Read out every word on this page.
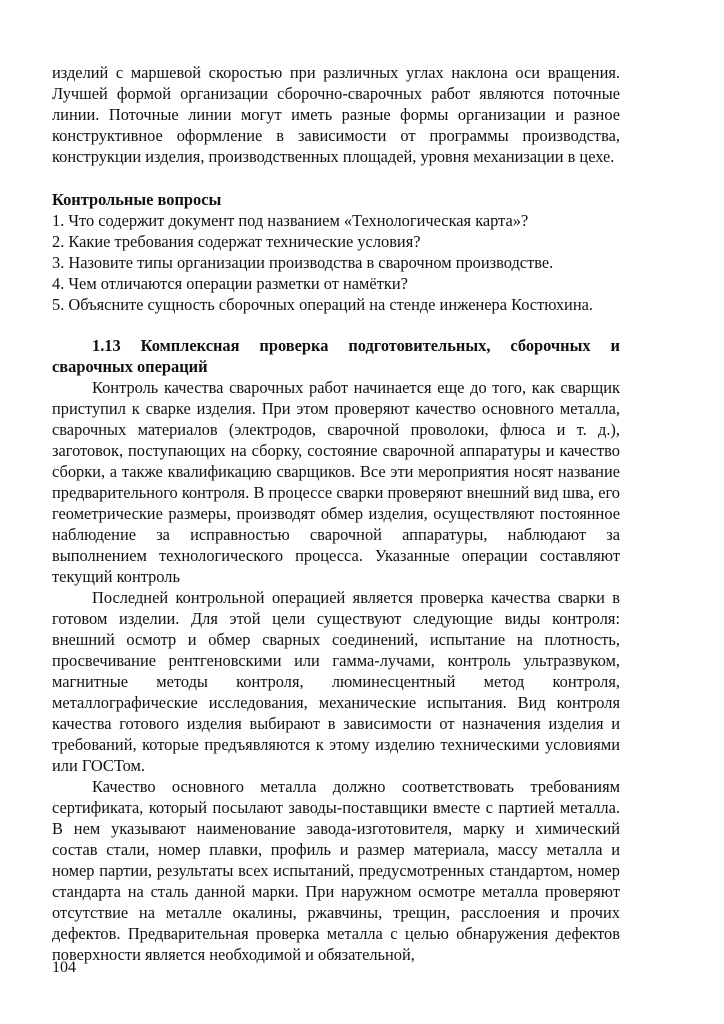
изделий с маршевой скоростью при различных углах наклона оси вращения. Лучшей формой организации сборочно-сварочных работ являются поточные линии. Поточные линии могут иметь разные формы организации и разное конструктивное оформление в зависимости от программы производства, конструкции изделия, производственных площадей, уровня механизации в цехе.

Контрольные вопросы

1. Что содержит документ под названием «Технологическая карта»?
2. Какие требования содержат технические условия?
3. Назовите типы организации производства в сварочном производстве.
4. Чем отличаются операции разметки от намётки?
5. Объясните сущность сборочных операций на стенде инженера Костюхина.

1.13 Комплексная проверка подготовительных, сборочных и сварочных операций

Контроль качества сварочных работ начинается еще до того, как сварщик приступил к сварке изделия. При этом проверяют качество основного металла, сварочных материалов (электродов, сварочной проволоки, флюса и т. д.), заготовок, поступающих на сборку, состояние сварочной аппаратуры и качество сборки, а также квалификацию сварщиков. Все эти мероприятия носят название предварительного контроля. В процессе сварки проверяют внешний вид шва, его геометрические размеры, производят обмер изделия, осуществляют постоянное наблюдение за исправностью сварочной аппаратуры, наблюдают за выполнением технологического процесса. Указанные операции составляют текущий контроль

Последней контрольной операцией является проверка качества сварки в готовом изделии. Для этой цели существуют следующие виды контроля: внешний осмотр и обмер сварных соединений, испытание на плотность, просвечивание рентгеновскими или гамма-лучами, контроль ультразвуком, магнитные методы контроля, люминесцентный метод контроля, металлографические исследования, механические испытания. Вид контроля качества готового изделия выбирают в зависимости от назначения изделия и требований, которые предъявляются к этому изделию техническими условиями или ГОСТом.

Качество основного металла должно соответствовать требованиям сертификата, который посылают заводы-поставщики вместе с партией металла. В нем указывают наименование завода-изготовителя, марку и химический состав стали, номер плавки, профиль и размер материала, массу металла и номер партии, результаты всех испытаний, предусмотренных стандартом, номер стандарта на сталь данной марки. При наружном осмотре металла проверяют отсутствие на металле окалины, ржавчины, трещин, расслоения и прочих дефектов. Предварительная проверка металла с целью обнаружения дефектов поверхности является необходимой и обязательной,

104
